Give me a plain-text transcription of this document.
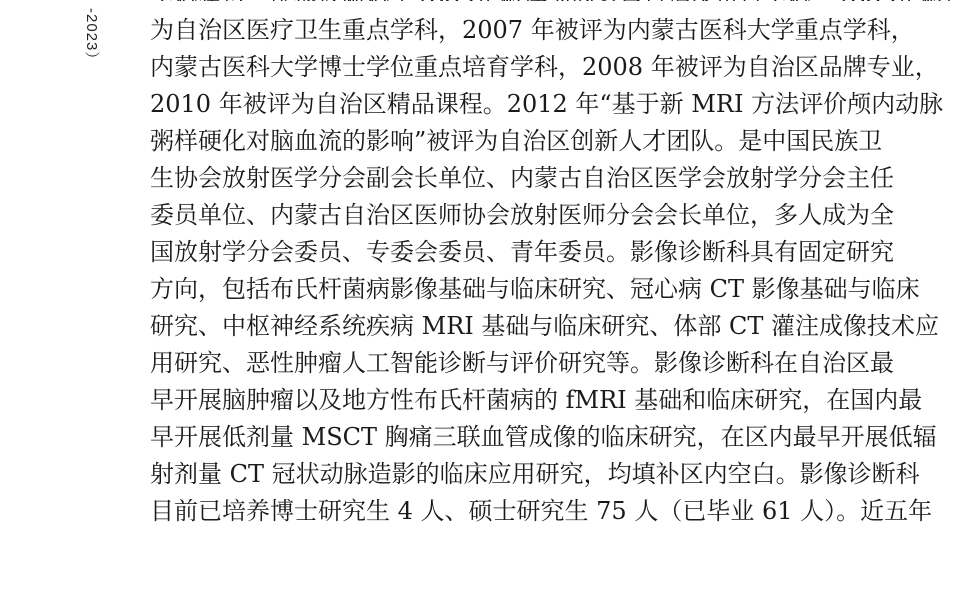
-2023） 为自治区医疗卫生重点学科，2007 年被评为内蒙古医科大学重点学科，
内蒙古医科大学博士学位重点培育学科，2008 年被评为自治区品牌专业，
2010 年被评为自治区精品课程。2012 年“基于新 MRI 方法评价颅内动脉
粥样硬化对脑血流的影响”被评为自治区创新人才团队。是中国民族卫
生协会放射医学分会副会长单位、内蒙古自治区医学会放射学分会主任
委员单位、内蒙古自治区医师协会放射医师分会会长单位，多人成为全
国放射学分会委员、专委会委员、青年委员。影像诊断科具有固定研究
方向，包括布氏杆菌病影像基础与临床研究、冠心病 CT 影像基础与临床
研究、中枢神经系统疾病 MRI 基础与临床研究、体部 CT 灌注成像技术应
用研究、恶性肿瘤人工智能诊断与评价研究等。影像诊断科在自治区最
早开展脑肿瘤以及地方性布氏杆菌病的 fMRI 基础和临床研究，在国内最
早开展低剂量 MSCT 胸痛三联血管成像的临床研究，在区内最早开展低辐
射剂量 CT 冠状动脉造影的临床应用研究，均填补区内空白。影像诊断科
目前已培养博士研究生 4 人、硕士研究生 75 人（已毕业 61 人）。近五年
